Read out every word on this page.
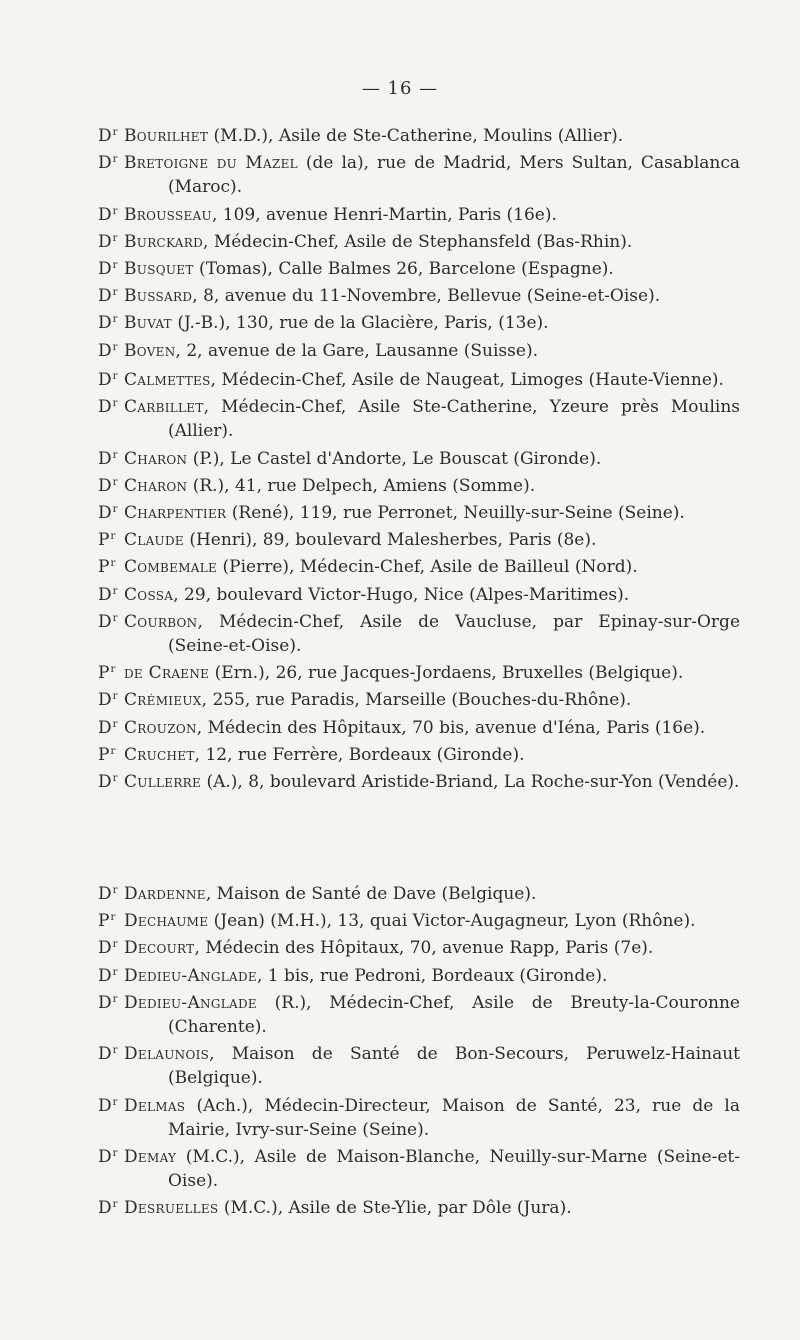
— 16 —

$D^r$ Bourilhet (M.D.), Asile de Ste-Catherine, Moulins (Allier).

$D^r$ Bretoigne du Mazel (de la), rue de Madrid, Mers Sultan, Casablanca (Maroc).

$D^r$ Brousseau, 109, avenue Henri-Martin, Paris (16e).

$D^r$ Burckard, Médecin-Chef, Asile de Stephansfeld (Bas-Rhin).

$D^r$ Busquet (Tomas), Calle Balmes 26, Barcelone (Espagne).

$D^r$ Bussard, 8, avenue du 11-Novembre, Bellevue (Seine-et-Oise).

$D^r$ Buvat (J.-B.), 130, rue de la Glacière, Paris, (13e).

$D^r$ Boven, 2, avenue de la Gare, Lausanne (Suisse).

$D^r$ Calmettes, Médecin-Chef, Asile de Naugeat, Limoges (Haute-Vienne).

$D^r$ Carbillet, Médecin-Chef, Asile Ste-Catherine, Yzeure près Moulins (Allier).

$D^r$ Charon (P.), Le Castel d'Andorte, Le Bouscat (Gironde).

$D^r$ Charon (R.), 41, rue Delpech, Amiens (Somme).

$D^r$ Charpentier (René), 119, rue Perronet, Neuilly-sur-Seine (Seine).

$P^r$ Claude (Henri), 89, boulevard Malesherbes, Paris (8e).

$P^r$ Combemale (Pierre), Médecin-Chef, Asile de Bailleul (Nord).

$D^r$ Cossa, 29, boulevard Victor-Hugo, Nice (Alpes-Maritimes).

$D^r$ Courbon, Médecin-Chef, Asile de Vaucluse, par Epinay-sur-Orge (Seine-et-Oise).

$P^r$ de Craene (Ern.), 26, rue Jacques-Jordaens, Bruxelles (Belgique).

$D^r$ Crémieux, 255, rue Paradis, Marseille (Bouches-du-Rhône).

$D^r$ Crouzon, Médecin des Hôpitaux, 70 bis, avenue d'Iéna, Paris (16e).

$P^r$ Cruchet, 12, rue Ferrère, Bordeaux (Gironde).

$D^r$ Cullerre (A.), 8, boulevard Aristide-Briand, La Roche-sur-Yon (Vendée).

$D^r$ Dardenne, Maison de Santé de Dave (Belgique).

$P^r$ Dechaume (Jean) (M.H.), 13, quai Victor-Augagneur, Lyon (Rhône).

$D^r$ Decourt, Médecin des Hôpitaux, 70, avenue Rapp, Paris (7e).

$D^r$ Dedieu-Anglade, 1 bis, rue Pedroni, Bordeaux (Gironde).

$D^r$ Dedieu-Anglade (R.), Médecin-Chef, Asile de Breuty-la-Couronne (Charente).

$D^r$ Delaunois, Maison de Santé de Bon-Secours, Peruwelz-Hainaut (Belgique).

$D^r$ Delmas (Ach.), Médecin-Directeur, Maison de Santé, 23, rue de la Mairie, Ivry-sur-Seine (Seine).

$D^r$ Demay (M.C.), Asile de Maison-Blanche, Neuilly-sur-Marne (Seine-et-Oise).

$D^r$ Desruelles (M.C.), Asile de Ste-Ylie, par Dôle (Jura).
